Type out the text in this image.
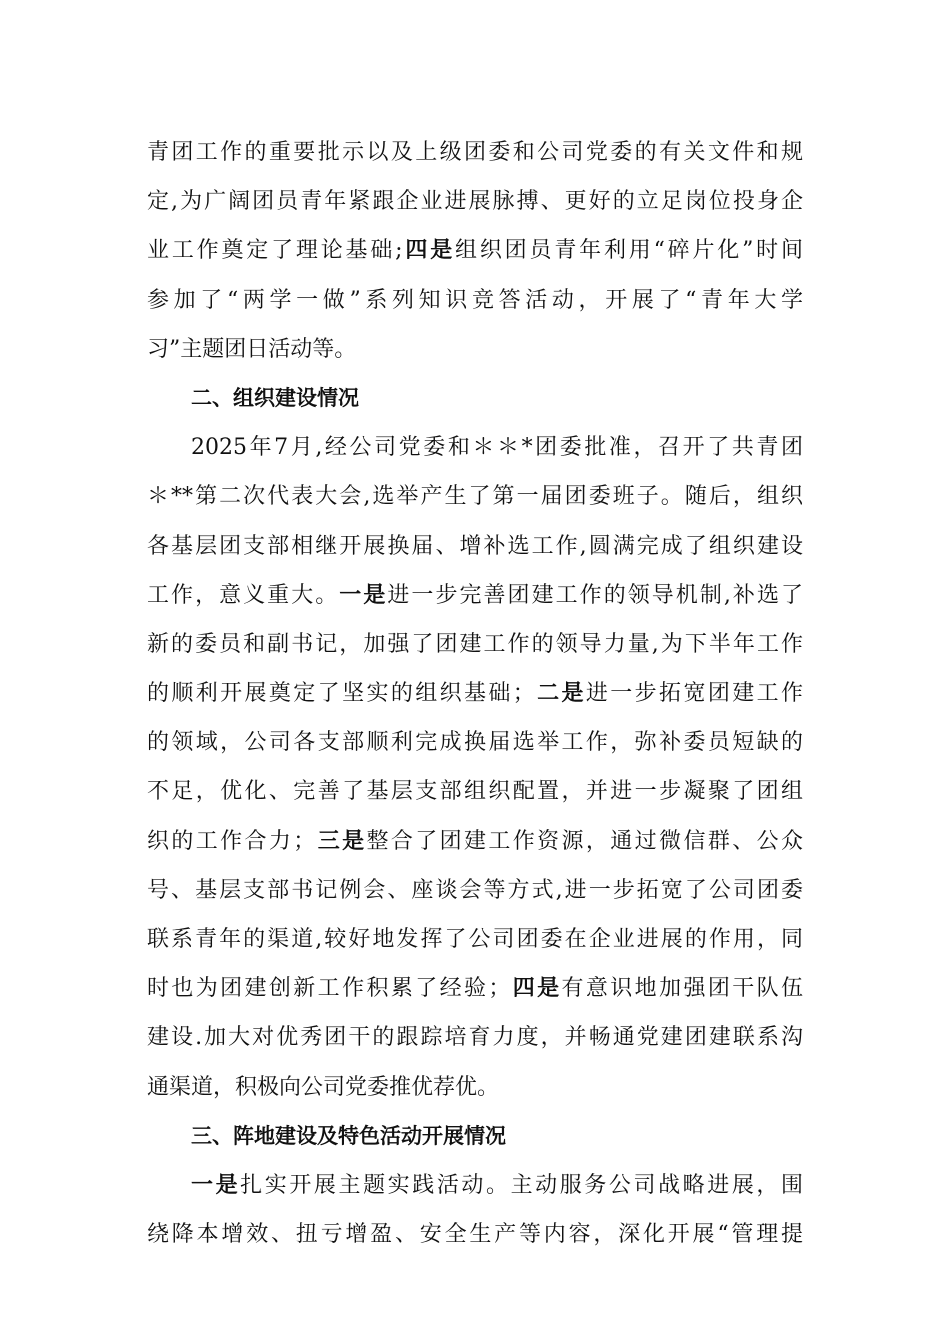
青团工作的重要批示以及上级团委和公司党委的有关文件和规
定,为广阔团员青年紧跟企业进展脉搏、更好的立足岗位投身企
业工作奠定了理论基础;四是组织团员青年利用“碎片化”时间
参加了“两学一做”系列知识竞答活动，开展了“青年大学
习”主题团日活动等。
二、组织建设情况
2025年7月,经公司党委和＊＊*团委批准，召开了共青团
＊**第二次代表大会,选举产生了第一届团委班子。随后，组织
各基层团支部相继开展换届、增补选工作,圆满完成了组织建设
工作，意义重大。一是进一步完善团建工作的领导机制,补选了
新的委员和副书记，加强了团建工作的领导力量,为下半年工作
的顺利开展奠定了坚实的组织基础；二是进一步拓宽团建工作
的领域，公司各支部顺利完成换届选举工作，弥补委员短缺的
不足，优化、完善了基层支部组织配置，并进一步凝聚了团组
织的工作合力；三是整合了团建工作资源，通过微信群、公众
号、基层支部书记例会、座谈会等方式,进一步拓宽了公司团委
联系青年的渠道,较好地发挥了公司团委在企业进展的作用，同
时也为团建创新工作积累了经验；四是有意识地加强团干队伍
建设.加大对优秀团干的跟踪培育力度，并畅通党建团建联系沟
通渠道，积极向公司党委推优荐优。
三、阵地建设及特色活动开展情况
一是扎实开展主题实践活动。主动服务公司战略进展，围
绕降本增效、扭亏增盈、安全生产等内容，深化开展“管理提
